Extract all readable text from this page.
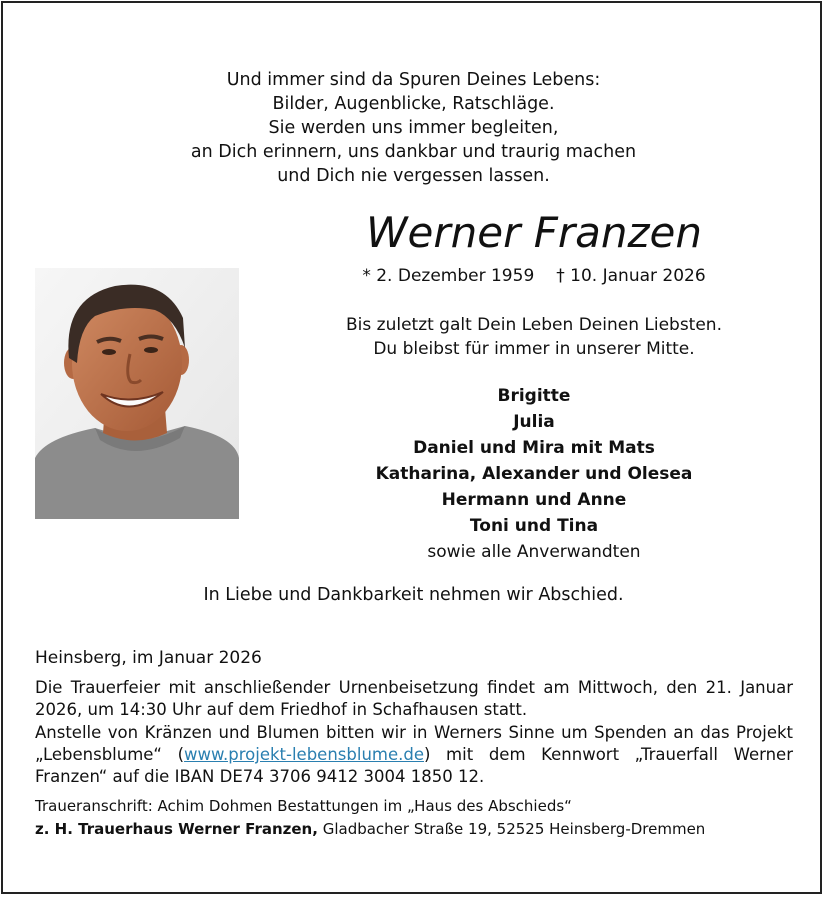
Und immer sind da Spuren Deines Lebens:
Bilder, Augenblicke, Ratschläge.
Sie werden uns immer begleiten,
an Dich erinnern, uns dankbar und traurig machen
und Dich nie vergessen lassen.
Werner Franzen
* 2. Dezember 1959 † 10. Januar 2026
Bis zuletzt galt Dein Leben Deinen Liebsten.
Du bleibst für immer in unserer Mitte.
Brigitte
Julia
Daniel und Mira mit Mats
Katharina, Alexander und Olesea
Hermann und Anne
Toni und Tina
sowie alle Anverwandten
In Liebe und Dankbarkeit nehmen wir Abschied.
Heinsberg, im Januar 2026
Die Trauerfeier mit anschließender Urnenbeisetzung findet am Mittwoch, den 21. Januar 2026, um 14:30 Uhr auf dem Friedhof in Schafhausen statt.
Anstelle von Kränzen und Blumen bitten wir in Werners Sinne um Spenden an das Projekt „Lebensblume“ (www.projekt-lebensblume.de) mit dem Kennwort „Trauerfall Werner Franzen“ auf die IBAN DE74 3706 9412 3004 1850 12.
Traueranschrift: Achim Dohmen Bestattungen im „Haus des Abschieds“
z. H. Trauerhaus Werner Franzen, Gladbacher Straße 19, 52525 Heinsberg-Dremmen
